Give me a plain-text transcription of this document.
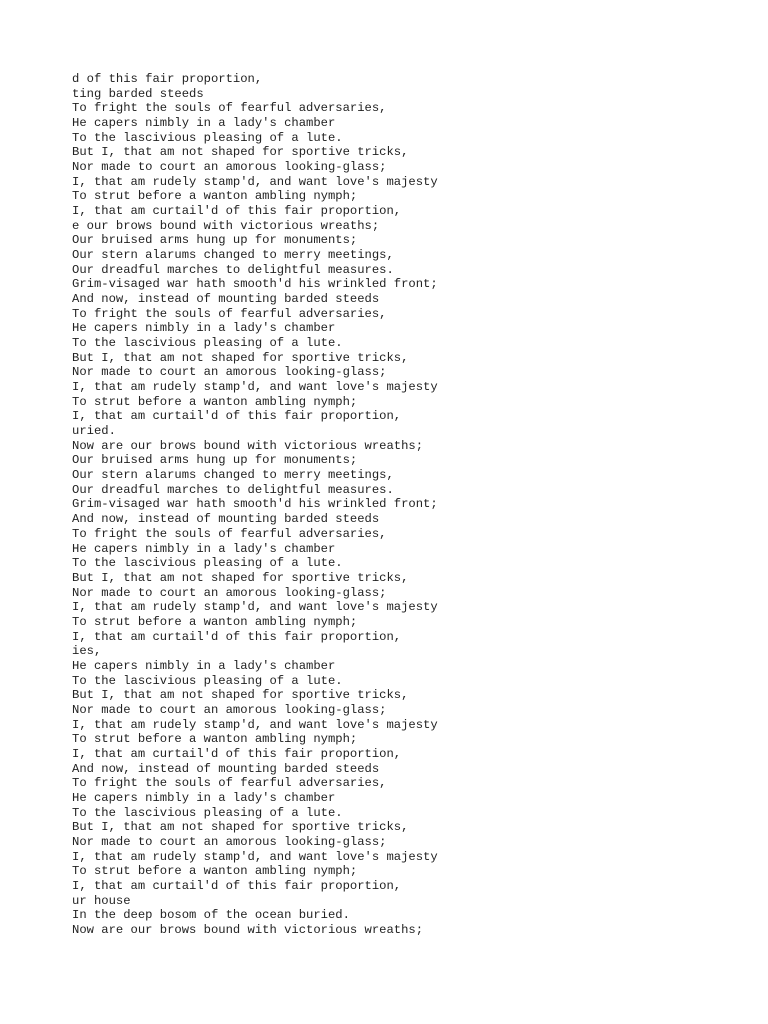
d of this fair proportion,
ting barded steeds
To fright the souls of fearful adversaries,
He capers nimbly in a lady's chamber
To the lascivious pleasing of a lute.
But I, that am not shaped for sportive tricks,
Nor made to court an amorous looking-glass;
I, that am rudely stamp'd, and want love's majesty
To strut before a wanton ambling nymph;
I, that am curtail'd of this fair proportion,
e our brows bound with victorious wreaths;
Our bruised arms hung up for monuments;
Our stern alarums changed to merry meetings,
Our dreadful marches to delightful measures.
Grim-visaged war hath smooth'd his wrinkled front;
And now, instead of mounting barded steeds
To fright the souls of fearful adversaries,
He capers nimbly in a lady's chamber
To the lascivious pleasing of a lute.
But I, that am not shaped for sportive tricks,
Nor made to court an amorous looking-glass;
I, that am rudely stamp'd, and want love's majesty
To strut before a wanton ambling nymph;
I, that am curtail'd of this fair proportion,
uried.
Now are our brows bound with victorious wreaths;
Our bruised arms hung up for monuments;
Our stern alarums changed to merry meetings,
Our dreadful marches to delightful measures.
Grim-visaged war hath smooth'd his wrinkled front;
And now, instead of mounting barded steeds
To fright the souls of fearful adversaries,
He capers nimbly in a lady's chamber
To the lascivious pleasing of a lute.
But I, that am not shaped for sportive tricks,
Nor made to court an amorous looking-glass;
I, that am rudely stamp'd, and want love's majesty
To strut before a wanton ambling nymph;
I, that am curtail'd of this fair proportion,
ies,
He capers nimbly in a lady's chamber
To the lascivious pleasing of a lute.
But I, that am not shaped for sportive tricks,
Nor made to court an amorous looking-glass;
I, that am rudely stamp'd, and want love's majesty
To strut before a wanton ambling nymph;
I, that am curtail'd of this fair proportion,
And now, instead of mounting barded steeds
To fright the souls of fearful adversaries,
He capers nimbly in a lady's chamber
To the lascivious pleasing of a lute.
But I, that am not shaped for sportive tricks,
Nor made to court an amorous looking-glass;
I, that am rudely stamp'd, and want love's majesty
To strut before a wanton ambling nymph;
I, that am curtail'd of this fair proportion,
ur house
In the deep bosom of the ocean buried.
Now are our brows bound with victorious wreaths;
